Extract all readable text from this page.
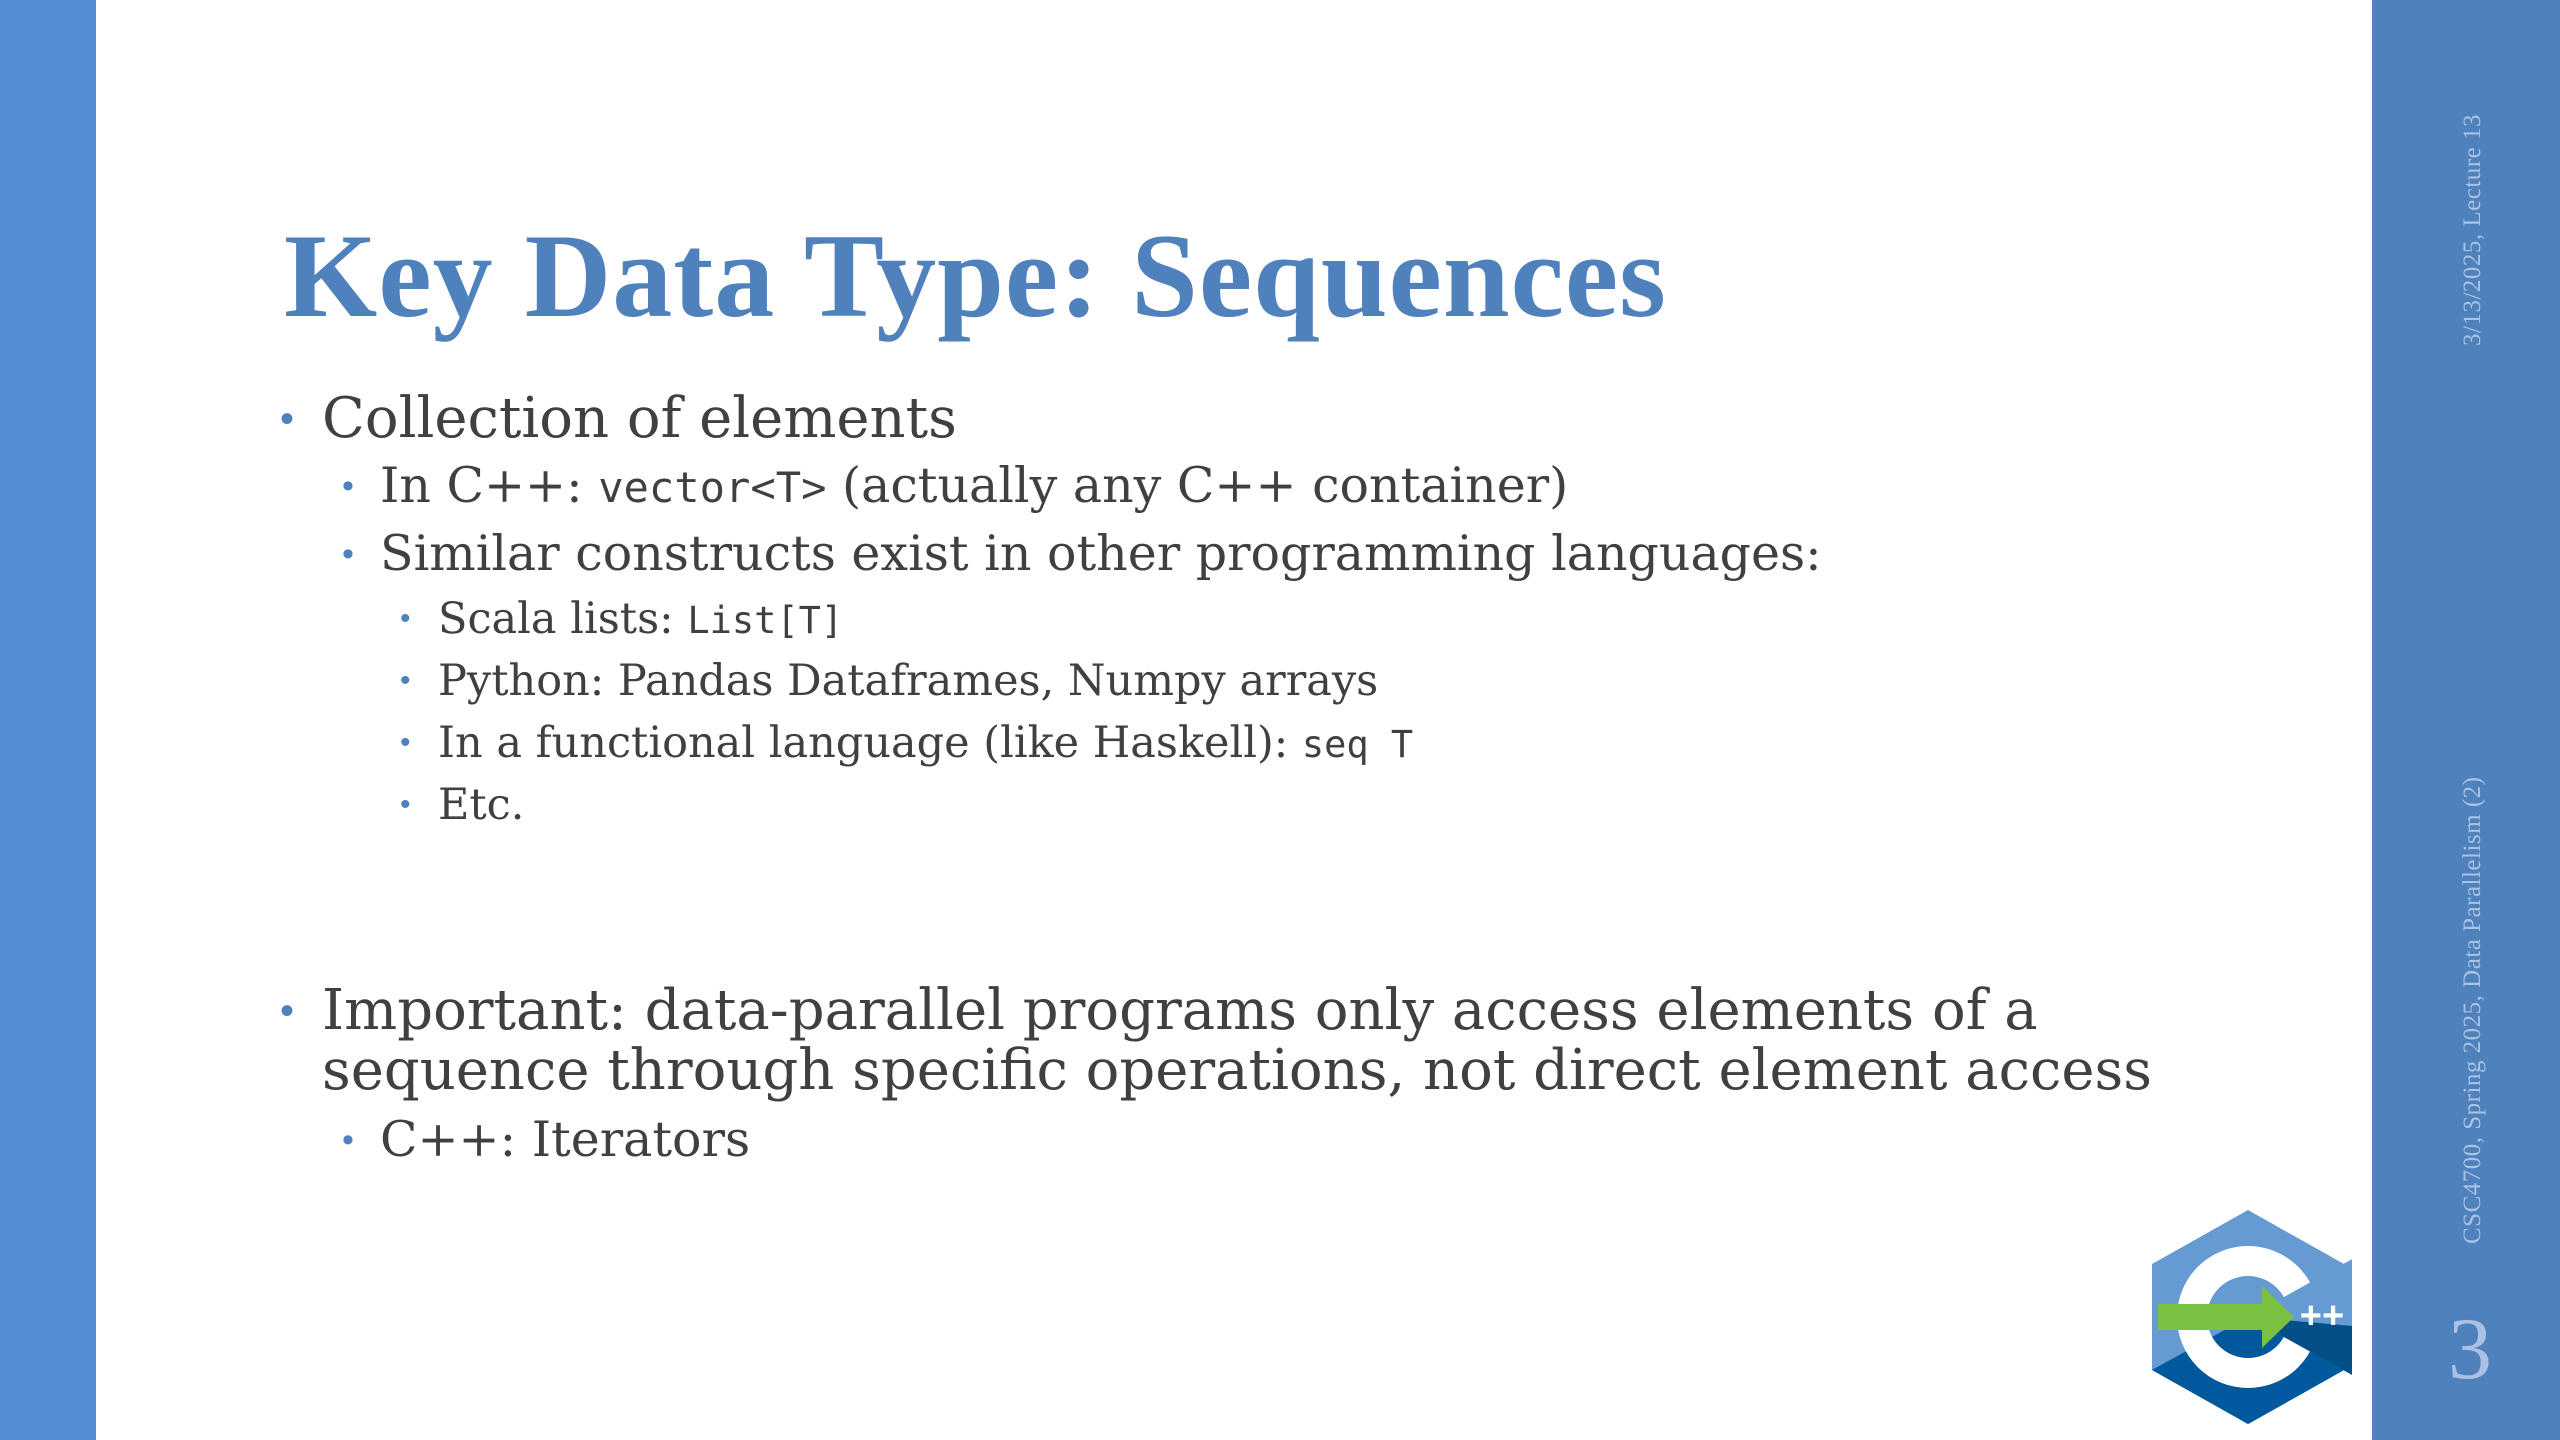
3/13/2025, Lecture 13
CSC4700, Spring 2025, Data Parallelism (2)
3
Key Data Type: Sequences
• Collection of elements
• In C++: vector<T> (actually any C++ container)
• Similar constructs exist in other programming languages:
• Scala lists: List[T]
• Python: Pandas Dataframes, Numpy arrays
• In a functional language (like Haskell): seq T
• Etc.
• Important: data-parallel programs only access elements of a
sequence through specific operations, not direct element access
• C++: Iterators
++
